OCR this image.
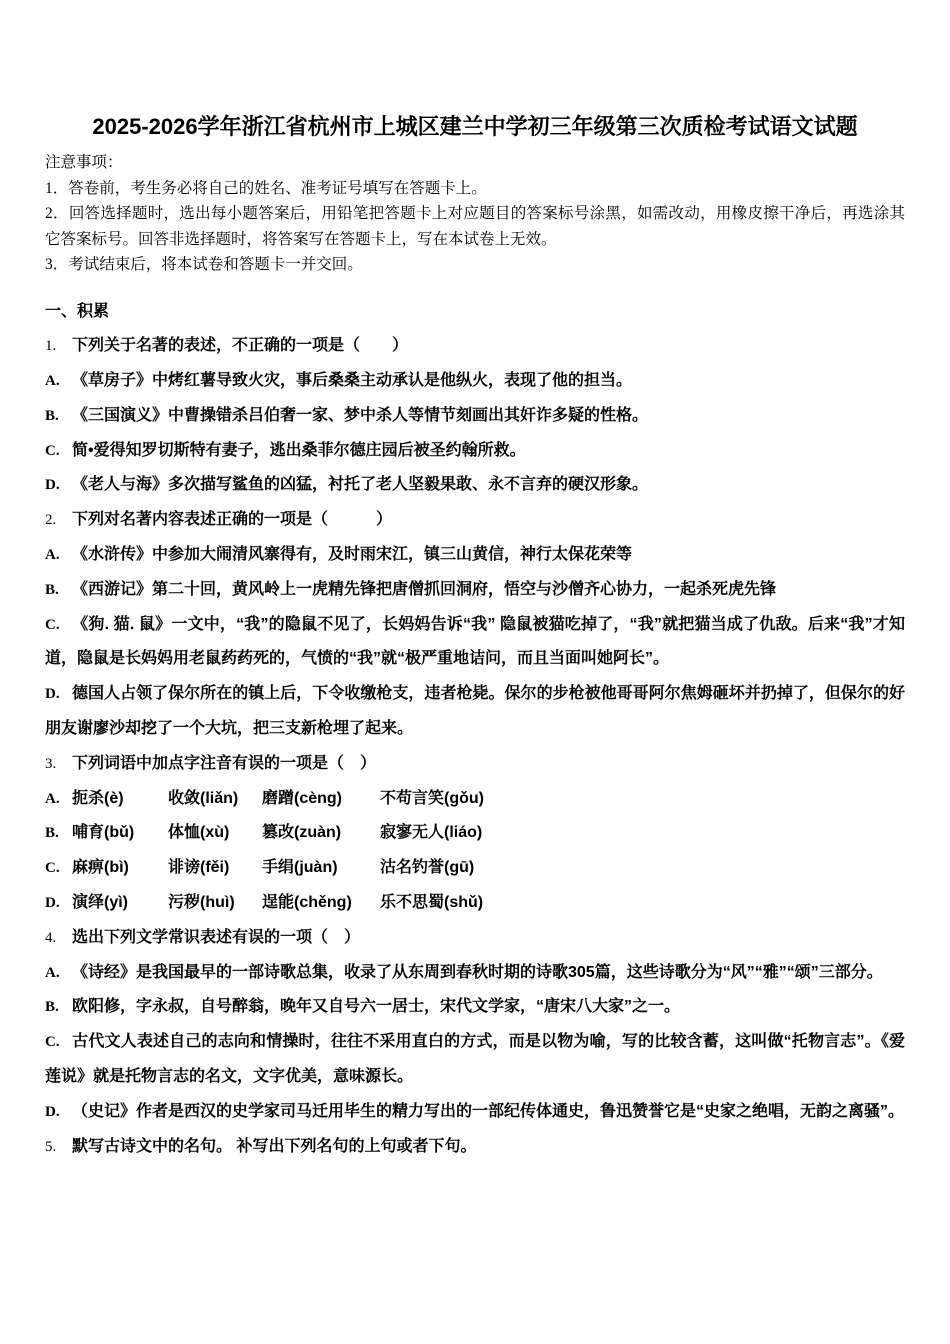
2025-2026学年浙江省杭州市上城区建兰中学初三年级第三次质检考试语文试题

注意事项：

1．答卷前，考生务必将自己的姓名、准考证号填写在答题卡上。

2．回答选择题时，选出每小题答案后，用铅笔把答题卡上对应题目的答案标号涂黑，如需改动，用橡皮擦干净后，再选涂其它答案标号。回答非选择题时，将答案写在答题卡上，写在本试卷上无效。

3．考试结束后，将本试卷和答题卡一并交回。

一、积累

1. 下列关于名著的表述，不正确的一项是（　　）

A. 《草房子》中烤红薯导致火灾，事后桑桑主动承认是他纵火，表现了他的担当。

B. 《三国演义》中曹操错杀吕伯奢一家、梦中杀人等情节刻画出其奸诈多疑的性格。

C. 简•爱得知罗切斯特有妻子，逃出桑菲尔德庄园后被圣约翰所救。

D. 《老人与海》多次描写鲨鱼的凶猛，衬托了老人坚毅果敢、永不言弃的硬汉形象。

2. 下列对名著内容表述正确的一项是（　　　）

A. 《水浒传》中参加大闹清风寨得有，及时雨宋江，镇三山黄信，神行太保花荣等

B. 《西游记》第二十回，黄风岭上一虎精先锋把唐僧抓回洞府，悟空与沙僧齐心协力，一起杀死虎先锋

C. 《狗. 猫. 鼠》一文中，“我”的隐鼠不见了，长妈妈告诉“我” 隐鼠被猫吃掉了，“我”就把猫当成了仇敌。后来“我”才知道，隐鼠是长妈妈用老鼠药药死的，气愤的“我”就“极严重地诘问，而且当面叫她阿长”。

D. 德国人占领了保尔所在的镇上后，下令收缴枪支，违者枪毙。保尔的步枪被他哥哥阿尔焦姆砸坏并扔掉了，但保尔的好朋友谢廖沙却挖了一个大坑，把三支新枪埋了起来。

3. 下列词语中加点字注音有误的一项是（　）

A. 扼杀(è)	收敛(liǎn) 磨蹭(cèng) 不苟言笑(gǒu)

B. 哺育(bǔ) 体恤(xù) 篡改(zuàn) 寂寥无人(liáo)

C. 麻痹(bì) 诽谤(fěi) 手绢(juàn)	沽名钓誉(gū)

D. 演绎(yì) 污秽(huì) 逞能(chěng) 乐不思蜀(shǔ)

4. 选出下列文学常识表述有误的一项（　）

A. 《诗经》是我国最早的一部诗歌总集，收录了从东周到春秋时期的诗歌305篇，这些诗歌分为“风”“雅”“颂”三部分。

B. 欧阳修，字永叔，自号醉翁，晚年又自号六一居士，宋代文学家，“唐宋八大家”之一。

C. 古代文人表述自己的志向和情操时，往往不采用直白的方式，而是以物为喻，写的比较含蓄，这叫做“托物言志”。《爱莲说》就是托物言志的名文，文字优美，意味源长。

D. （史记》作者是西汉的史学家司马迁用毕生的精力写出的一部纪传体通史，鲁迅赞誉它是“史家之绝唱，无韵之离骚”。

5. 默写古诗文中的名句。 补写出下列名句的上句或者下句。
